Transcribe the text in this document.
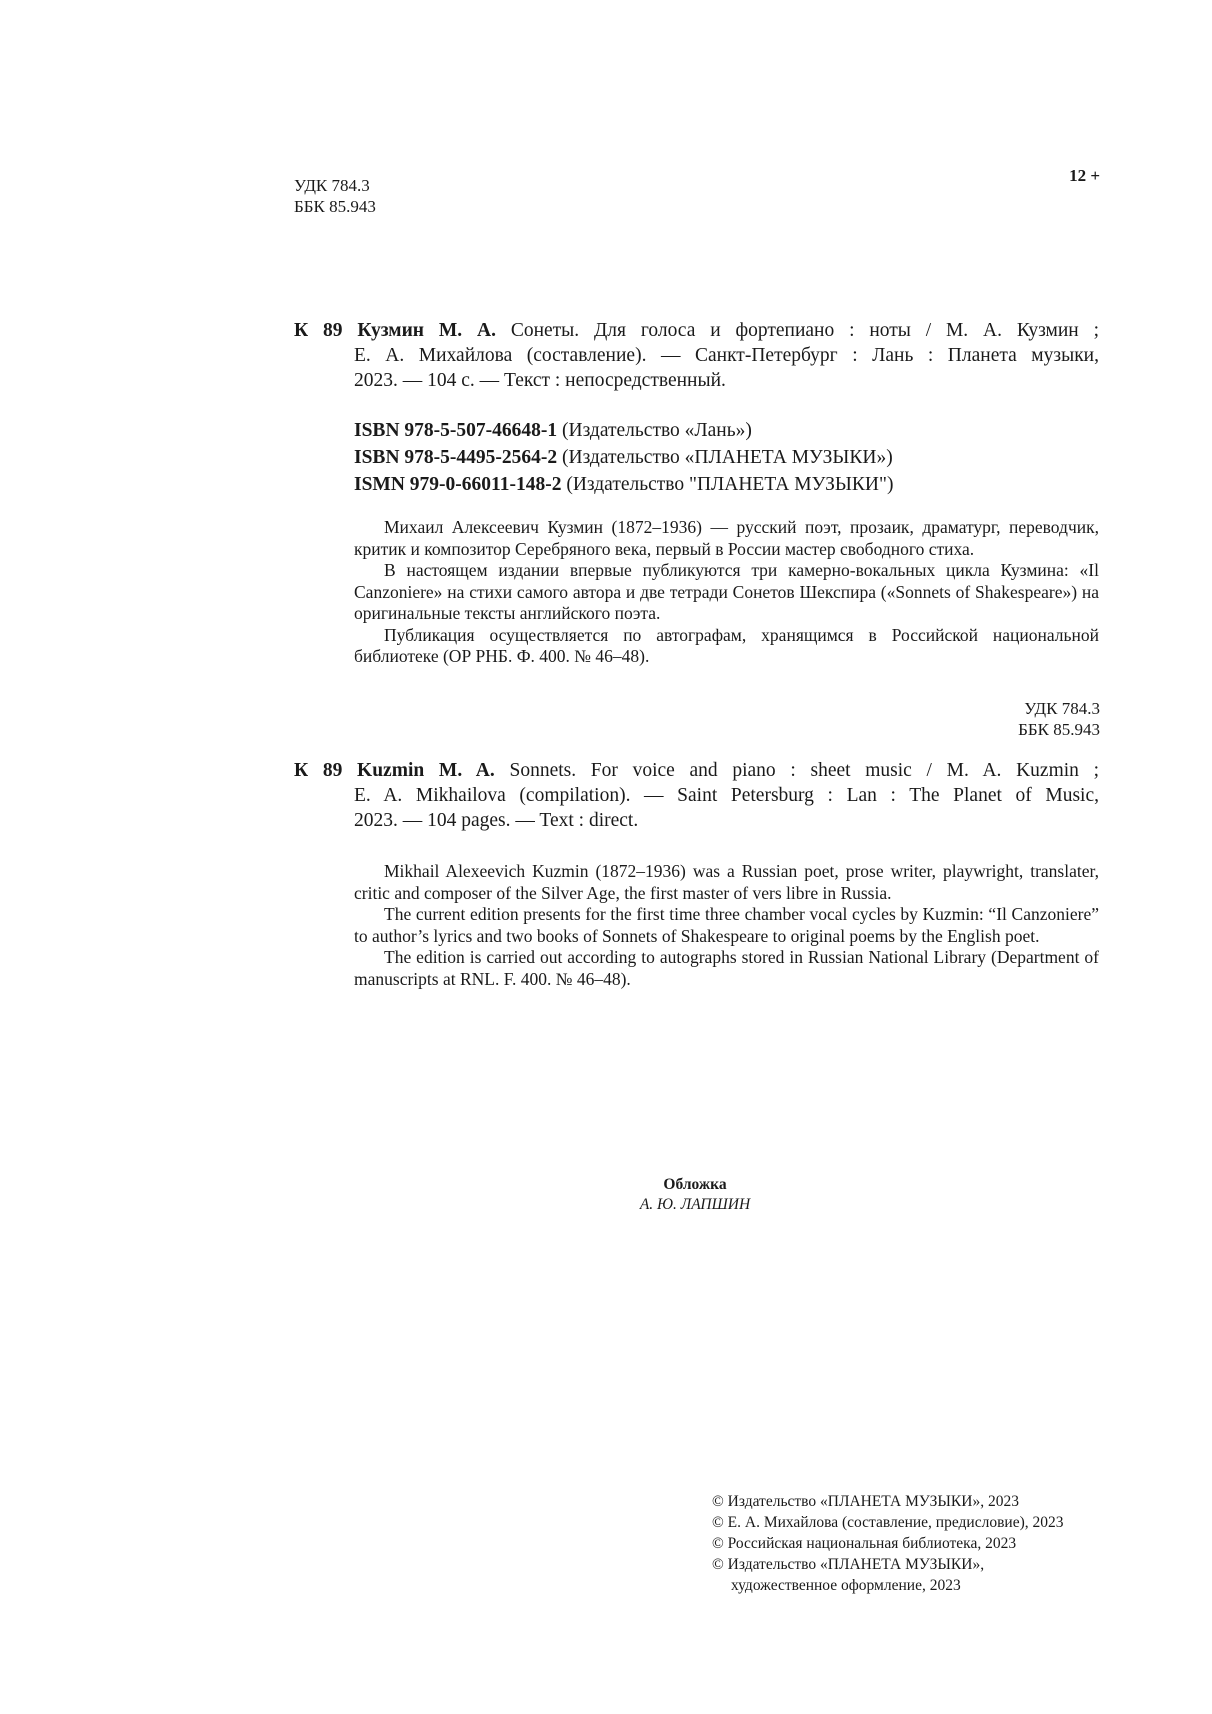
УДК 784.3
ББК 85.943
12 +
К 89 Кузмин М. А. Сонеты. Для голоса и фортепиано : ноты / М. А. Кузмин ;
Е. А. Михайлова (составление). — Санкт-Петербург : Лань : Планета музыки,
2023. — 104 с. — Текст : непосредственный.
ISBN 978-5-507-46648-1 (Издательство «Лань»)
ISBN 978-5-4495-2564-2 (Издательство «ПЛАНЕТА МУЗЫКИ»)
ISMN 979-0-66011-148-2 (Издательство "ПЛАНЕТА МУЗЫКИ")

Михаил Алексеевич Кузмин (1872–1936) — русский поэт, прозаик, драматург, переводчик, критик и композитор Серебряного века, первый в России мастер свободного стиха.

В настоящем издании впервые публикуются три камерно-вокальных цикла Кузмина: «Il Canzoniere» на стихи самого автора и две тетради Сонетов Шекспира («Sonnets of Shakespeare») на оригинальные тексты английского поэта.

Публикация осуществляется по автографам, хранящимся в Российской национальной библиотеке (ОР РНБ. Ф. 400. № 46–48).

УДК 784.3
ББК 85.943
К 89 Kuzmin M. A. Sonnets. For voice and piano : sheet music / M. A. Kuzmin ;
E. A. Mikhailova (compilation). — Saint Petersburg : Lan : The Planet of Music,
2023. — 104 pages. — Text : direct.

Mikhail Alexeevich Kuzmin (1872–1936) was a Russian poet, prose writer, playwright, translater, critic and composer of the Silver Age, the first master of vers libre in Russia.

The current edition presents for the first time three chamber vocal cycles by Kuzmin: “Il Canzoniere” to author’s lyrics and two books of Sonnets of Shakespeare to original poems by the English poet.

The edition is carried out according to autographs stored in Russian National Library (Department of manuscripts at RNL. F. 400. № 46–48).

Обложка
А. Ю. ЛАПШИН
© Издательство «ПЛАНЕТА МУЗЫКИ», 2023
© Е. А. Михайлова (составление, предисловие), 2023
© Российская национальная библиотека, 2023
© Издательство «ПЛАНЕТА МУЗЫКИ»,
художественное оформление, 2023
